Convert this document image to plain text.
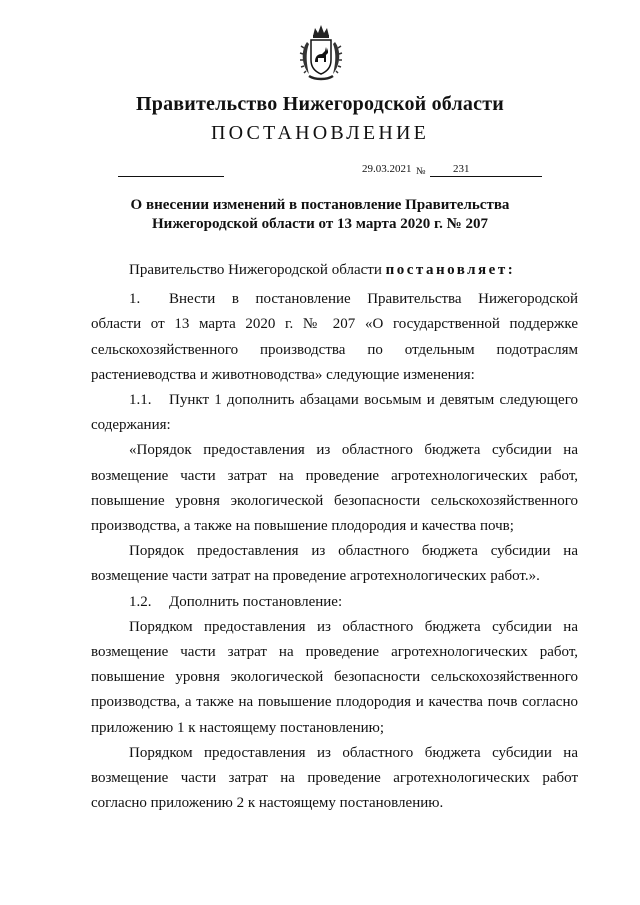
Правительство Нижегородской области
ПОСТАНОВЛЕНИЕ
29.03.2021 № 231
О внесении изменений в постановление Правительства
Нижегородской области от 13 марта 2020 г. № 207

Правительство Нижегородской области постановляет:

1. Внести в постановление Правительства Нижегородской области от 13 марта 2020 г. № 207 «О государственной поддержке сельскохозяйственного производства по отдельным подотраслям растениеводства и животноводства» следующие изменения:

1.1. Пункт 1 дополнить абзацами восьмым и девятым следующего содержания:

«Порядок предоставления из областного бюджета субсидии на возмещение части затрат на проведение агротехнологических работ, повышение уровня экологической безопасности сельскохозяйственного производства, а также на повышение плодородия и качества почв;

Порядок предоставления из областного бюджета субсидии на возмещение части затрат на проведение агротехнологических работ.».

1.2. Дополнить постановление:

Порядком предоставления из областного бюджета субсидии на возмещение части затрат на проведение агротехнологических работ, повышение уровня экологической безопасности сельскохозяйственного производства, а также на повышение плодородия и качества почв согласно приложению 1 к настоящему постановлению;

Порядком предоставления из областного бюджета субсидии на возмещение части затрат на проведение агротехнологических работ согласно приложению 2 к настоящему постановлению.
